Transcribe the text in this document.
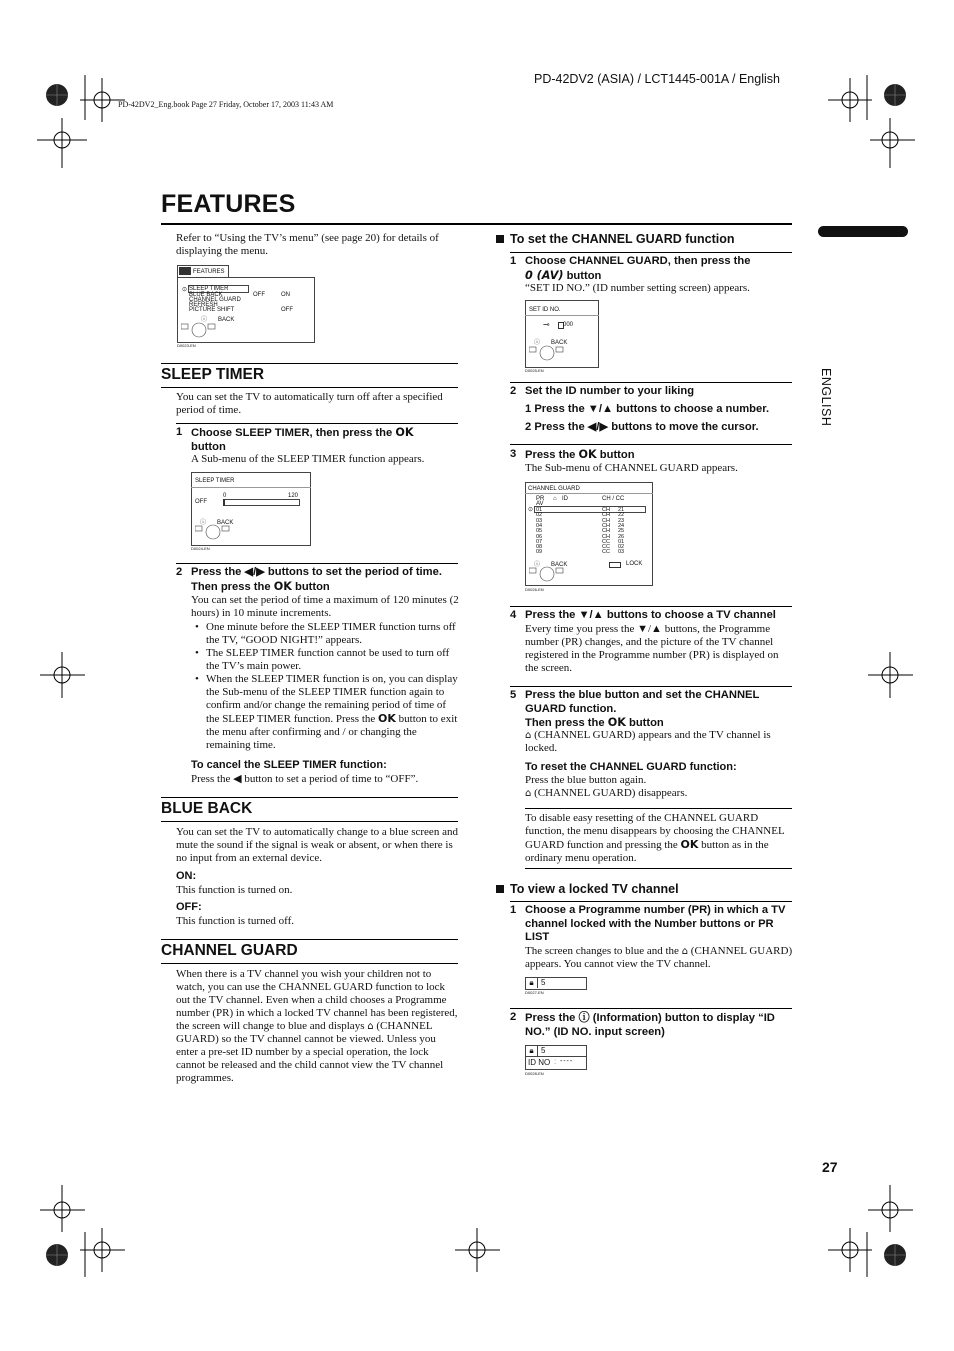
PD-42DV2 (ASIA) / LCT1445-001A / English
PD-42DV2_Eng.book Page 27 Friday, October 17, 2003 11:43 AM
FEATURES
ENGLISH
Refer to “Using the TV’s menu” (see page 20) for details of displaying the menu.
FEATURES
⊙ SLEEP TIMER
BLUE BACK
CHANNEL GUARD
REFRESH
PICTURE SHIFT
OFF	ON
OFF
ⓘ	BACK
D0023-EN
SLEEP TIMER
You can set the TV to automatically turn off after a specified period of time.
1 Choose SLEEP TIMER, then press the OK
button
A Sub-menu of the SLEEP TIMER function appears.
SLEEP TIMER
0	120
OFF
ⓘ	BACK
D0024-EN
2 Press the ◀/▶ buttons to set the period of time.
Then press the OK button
You can set the period of time a maximum of 120 minutes (2 hours) in 10 minute increments.
• One minute before the SLEEP TIMER function turns off the TV, “GOOD NIGHT!” appears.
• The SLEEP TIMER function cannot be used to turn off the TV’s main power.
• When the SLEEP TIMER function is on, you can display the Sub-menu of the SLEEP TIMER function again to confirm and/or change the remaining period of time of the SLEEP TIMER function. Press the OK button to exit the menu after confirming and / or changing the remaining time.
To cancel the SLEEP TIMER function:
Press the ◀ button to set a period of time to “OFF”.
BLUE BACK
You can set the TV to automatically change to a blue screen and mute the sound if the signal is weak or absent, or when there is no input from an external device.
ON:
This function is turned on.
OFF:
This function is turned off.
CHANNEL GUARD
When there is a TV channel you wish your children not to watch, you can use the CHANNEL GUARD function to lock out the TV channel. Even when a child chooses a Programme number (PR) in which a locked TV channel has been registered, the screen will change to blue and displays ⌂ (CHANNEL GUARD) so the TV channel cannot be viewed. Unless you enter a pre-set ID number by a special operation, the lock cannot be released and the child cannot view the TV channel programmes.
To set the CHANNEL GUARD function
1 Choose CHANNEL GUARD, then press the
0 (AV) button
“SET ID NO.” (ID number setting screen) appears.
SET ID NO.
⊸ 000
ⓘ	BACK
D0025-EN
2 Set the ID number to your liking
1 Press the ▼/▲ buttons to choose a number.
2 Press the ◀/▶ buttons to move the cursor.
3 Press the OK button
The Sub-menu of CHANNEL GUARD appears.
CHANNEL GUARD
PR ⌂ ID	CH / CC
AV
⊙ 01	CH 21
02	CH 22
03	CH 23
04	CH 24
05	CH 25
06	CH 26
07	CC 01
08	CC 02
09	CC 03
ⓘ	BACK	LOCK
D0026-EN
4 Press the ▼/▲ buttons to choose a TV channel
Every time you press the ▼/▲ buttons, the Programme number (PR) changes, and the picture of the TV channel registered in the Programme number (PR) is displayed on the screen.
5 Press the blue button and set the CHANNEL GUARD function.
Then press the OK button
⌂ (CHANNEL GUARD) appears and the TV channel is locked.
To reset the CHANNEL GUARD function:
Press the blue button again.
⌂ (CHANNEL GUARD) disappears.
To disable easy resetting of the CHANNEL GUARD function, the menu disappears by choosing the CHANNEL GUARD function and pressing the OK button as in the ordinary menu operation.
To view a locked TV channel
1 Choose a Programme number (PR) in which a TV channel locked with the Number buttons or PR LIST
The screen changes to blue and the ⌂ (CHANNEL GUARD) appears. You cannot view the TV channel.
🔒︎ 5
D0027-EN
2 Press the ⓘ (Information) button to display “ID NO.” (ID NO. input screen)
🔒︎ 5
ID NO : - - - -
D0028-EN
27
